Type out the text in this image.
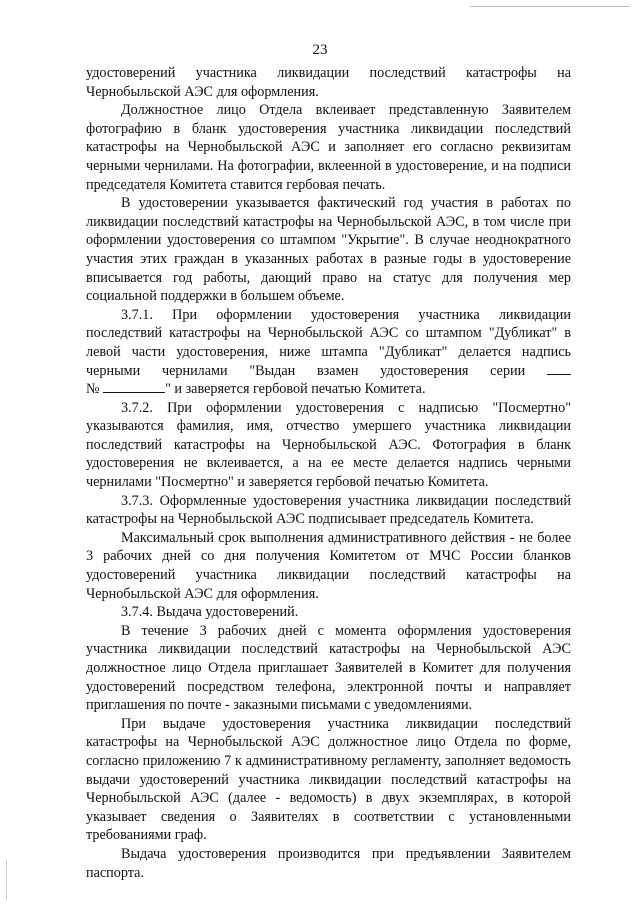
23

удостоверений участника ликвидации последствий катастрофы на Чернобыльской АЭС для оформления.

Должностное лицо Отдела вклеивает представленную Заявителем фотографию в бланк удостоверения участника ликвидации последствий катастрофы на Чернобыльской АЭС и заполняет его согласно реквизитам черными чернилами. На фотографии, вклеенной в удостоверение, и на подписи председателя Комитета ставится гербовая печать.

В удостоверении указывается фактический год участия в работах по ликвидации последствий катастрофы на Чернобыльской АЭС, в том числе при оформлении удостоверения со штампом "Укрытие". В случае неоднократного участия этих граждан в указанных работах в разные годы в удостоверение вписывается год работы, дающий право на статус для получения мер социальной поддержки в большем объеме.

3.7.1. При оформлении удостоверения участника ликвидации последствий катастрофы на Чернобыльской АЭС со штампом "Дубликат" в левой части удостоверения, ниже штампа "Дубликат" делается надпись

черными чернилами "Выдан взамен удостоверения серии
№	" и заверяется гербовой печатью Комитета.

3.7.2. При оформлении удостоверения с надписью "Посмертно" указываются фамилия, имя, отчество умершего участника ликвидации последствий катастрофы на Чернобыльской АЭС. Фотография в бланк удостоверения не вклеивается, а на ее месте делается надпись черными чернилами "Посмертно" и заверяется гербовой печатью Комитета.

3.7.3. Оформленные удостоверения участника ликвидации последствий катастрофы на Чернобыльской АЭС подписывает председатель Комитета.

Максимальный срок выполнения административного действия - не более 3 рабочих дней со дня получения Комитетом от МЧС России бланков удостоверений участника ликвидации последствий катастрофы на Чернобыльской АЭС для оформления.

3.7.4. Выдача удостоверений.

В течение 3 рабочих дней с момента оформления удостоверения участника ликвидации последствий катастрофы на Чернобыльской АЭС должностное лицо Отдела приглашает Заявителей в Комитет для получения удостоверений посредством телефона, электронной почты и направляет приглашения по почте - заказными письмами с уведомлениями.

При выдаче удостоверения участника ликвидации последствий катастрофы на Чернобыльской АЭС должностное лицо Отдела по форме, согласно приложению 7 к административному регламенту, заполняет ведомость выдачи удостоверений участника ликвидации последствий катастрофы на Чернобыльской АЭС (далее - ведомость) в двух экземплярах, в которой указывает сведения о Заявителях в соответствии с установленными требованиями граф.

Выдача удостоверения производится при предъявлении Заявителем паспорта.
